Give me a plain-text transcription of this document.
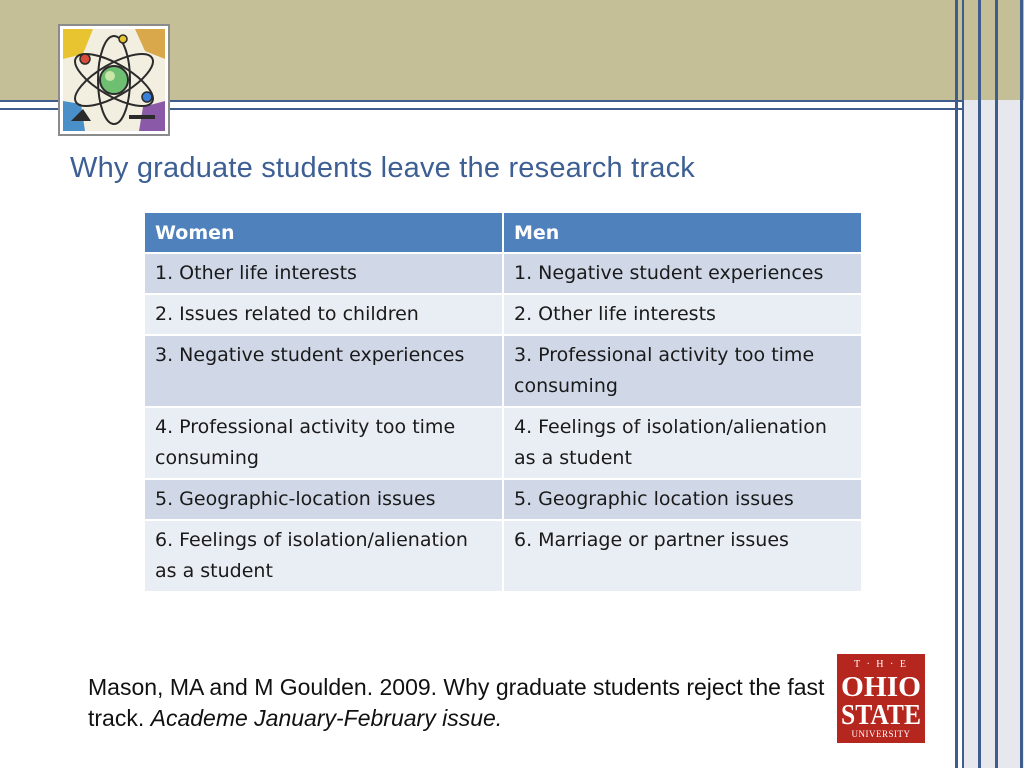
Why graduate students leave the research track
Women	Men
1. Other life interests	1. Negative student experiences
2. Issues related to children	2. Other life interests
3. Negative student experiences	3. Professional activity too time consuming
4. Professional activity too time consuming	4. Feelings of isolation/alienation as a student
5. Geographic-location issues	5. Geographic location issues
6. Feelings of isolation/alienation as a student	6. Marriage or partner issues
Mason, MA and M Goulden. 2009. Why graduate students reject the fast track. Academe January-February issue.
T · H · E
OHIO
STATE
UNIVERSITY
